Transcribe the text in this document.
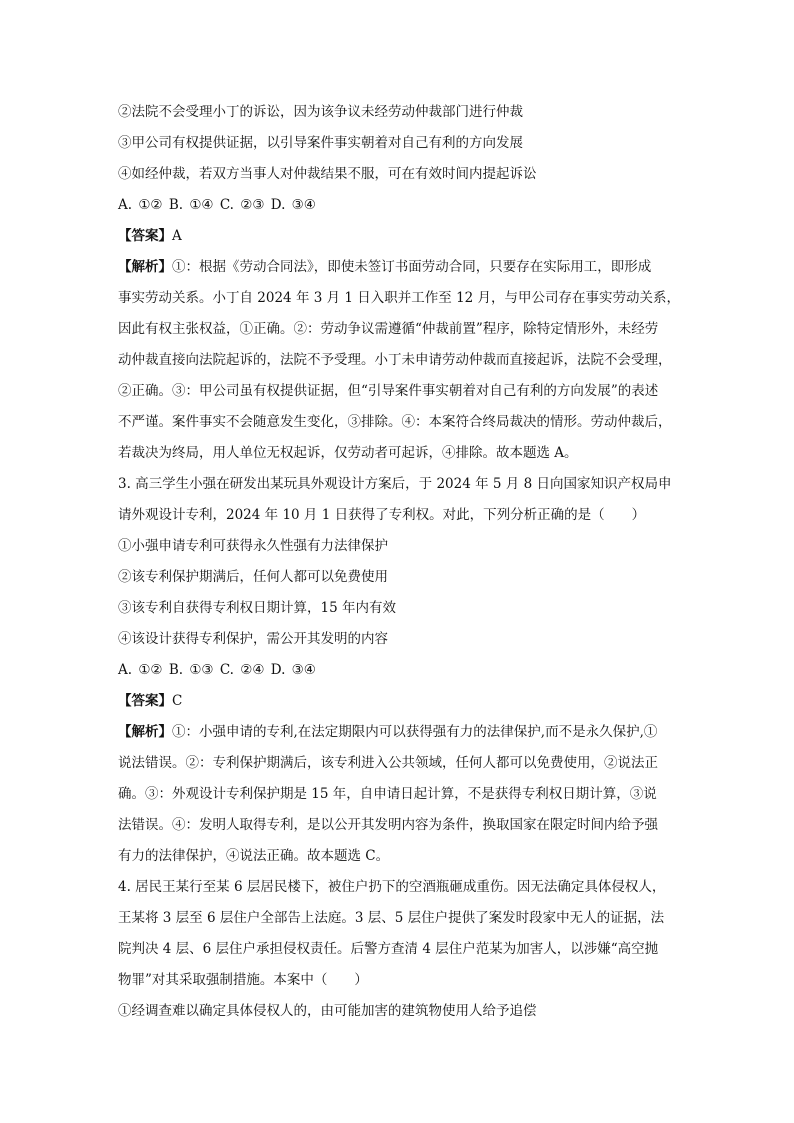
②法院不会受理小丁的诉讼，因为该争议未经劳动仲裁部门进行仲裁
③甲公司有权提供证据，以引导案件事实朝着对自己有利的方向发展
④如经仲裁，若双方当事人对仲裁结果不服，可在有效时间内提起诉讼
A. ①② B. ①④ C. ②③ D. ③④
【答案】A
【解析】①：根据《劳动合同法》，即使未签订书面劳动合同，只要存在实际用工，即形成
事实劳动关系。小丁自 2024 年 3 月 1 日入职并工作至 12 月，与甲公司存在事实劳动关系，
因此有权主张权益，①正确。②：劳动争议需遵循“仲裁前置”程序，除特定情形外，未经劳
动仲裁直接向法院起诉的，法院不予受理。小丁未申请劳动仲裁而直接起诉，法院不会受理，
②正确。③：甲公司虽有权提供证据，但“引导案件事实朝着对自己有利的方向发展”的表述
不严谨。案件事实不会随意发生变化，③排除。④：本案符合终局裁决的情形。劳动仲裁后，
若裁决为终局，用人单位无权起诉，仅劳动者可起诉，④排除。故本题选 A。
3. 高三学生小强在研发出某玩具外观设计方案后，于 2024 年 5 月 8 日向国家知识产权局申
请外观设计专利，2024 年 10 月 1 日获得了专利权。对此，下列分析正确的是（　　）
①小强申请专利可获得永久性强有力法律保护
②该专利保护期满后，任何人都可以免费使用
③该专利自获得专利权日期计算，15 年内有效
④该设计获得专利保护，需公开其发明的内容
A. ①② B. ①③ C. ②④ D. ③④
【答案】C
【解析】①：小强申请的专利,在法定期限内可以获得强有力的法律保护,而不是永久保护,①
说法错误。②：专利保护期满后，该专利进入公共领域，任何人都可以免费使用，②说法正
确。③：外观设计专利保护期是 15 年，自申请日起计算，不是获得专利权日期计算，③说
法错误。④：发明人取得专利，是以公开其发明内容为条件，换取国家在限定时间内给予强
有力的法律保护，④说法正确。故本题选 C。
4. 居民王某行至某 6 层居民楼下，被住户扔下的空酒瓶砸成重伤。因无法确定具体侵权人，
王某将 3 层至 6 层住户全部告上法庭。3 层、5 层住户提供了案发时段家中无人的证据，法
院判决 4 层、6 层住户承担侵权责任。后警方查清 4 层住户范某为加害人，以涉嫌“高空抛
物罪”对其采取强制措施。本案中（　　）
①经调查难以确定具体侵权人的，由可能加害的建筑物使用人给予追偿
